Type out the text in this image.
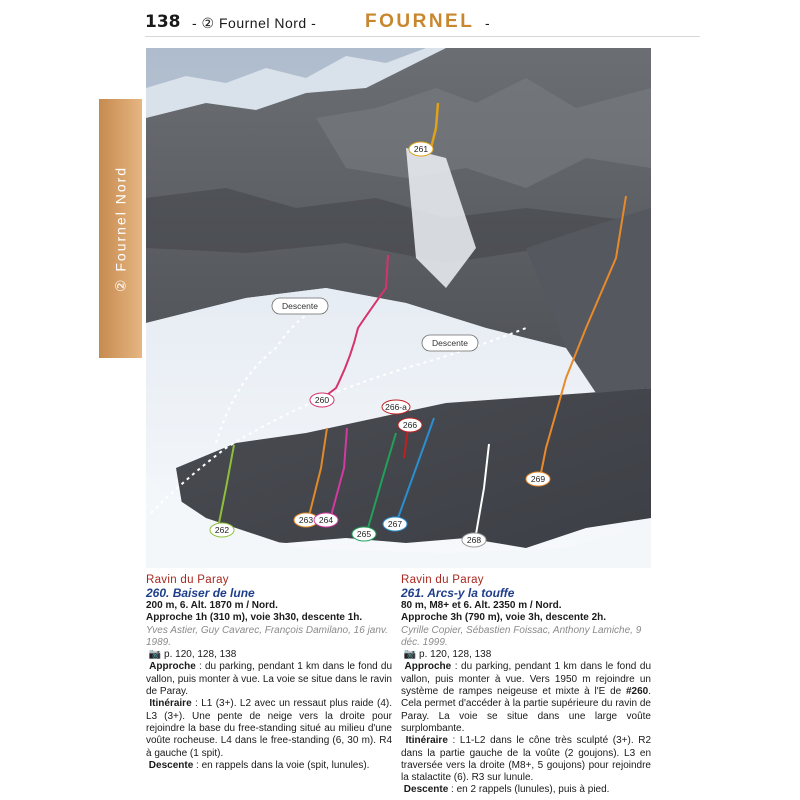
138 - ② Fournel Nord -	FOURNEL -
② Fournel Nord
Descente
Descente
261
260
266-a
266
262
263 264
265
267
268
269

Ravin du Paray

260. Baiser de lune

200 m, 6. Alt. 1870 m / Nord.

Approche 1h (310 m), voie 3h30, descente 1h.

Yves Astier, Guy Cavarec, François Damilano, 16 janv. 1989.

📷 p. 120, 128, 138

Approche : du parking, pendant 1 km dans le fond du vallon, puis monter à vue. La voie se situe dans le ravin de Paray.

Itinéraire : L1 (3+). L2 avec un ressaut plus raide (4). L3 (3+). Une pente de neige vers la droite pour rejoindre la base du free-standing situé au milieu d'une voûte rocheuse. L4 dans le free-standing (6, 30 m). R4 à gauche (1 spit).

Descente : en rappels dans la voie (spit, lunules).

Ravin du Paray

261. Arcs-y la touffe

80 m, M8+ et 6. Alt. 2350 m / Nord.

Approche 3h (790 m), voie 3h, descente 2h.

Cyrille Copier, Sébastien Foissac, Anthony Lamiche, 9 déc. 1999.

📷 p. 120, 128, 138

Approche : du parking, pendant 1 km dans le fond du vallon, puis monter à vue. Vers 1950 m rejoindre un système de rampes neigeuse et mixte à l'E de #260. Cela permet d'accéder à la partie supérieure du ravin de Paray. La voie se situe dans une large voûte surplombante.

Itinéraire : L1-L2 dans le cône très sculpté (3+). R2 dans la partie gauche de la voûte (2 goujons). L3 en traversée vers la droite (M8+, 5 goujons) pour rejoindre la stalactite (6). R3 sur lunule.

Descente : en 2 rappels (lunules), puis à pied.
